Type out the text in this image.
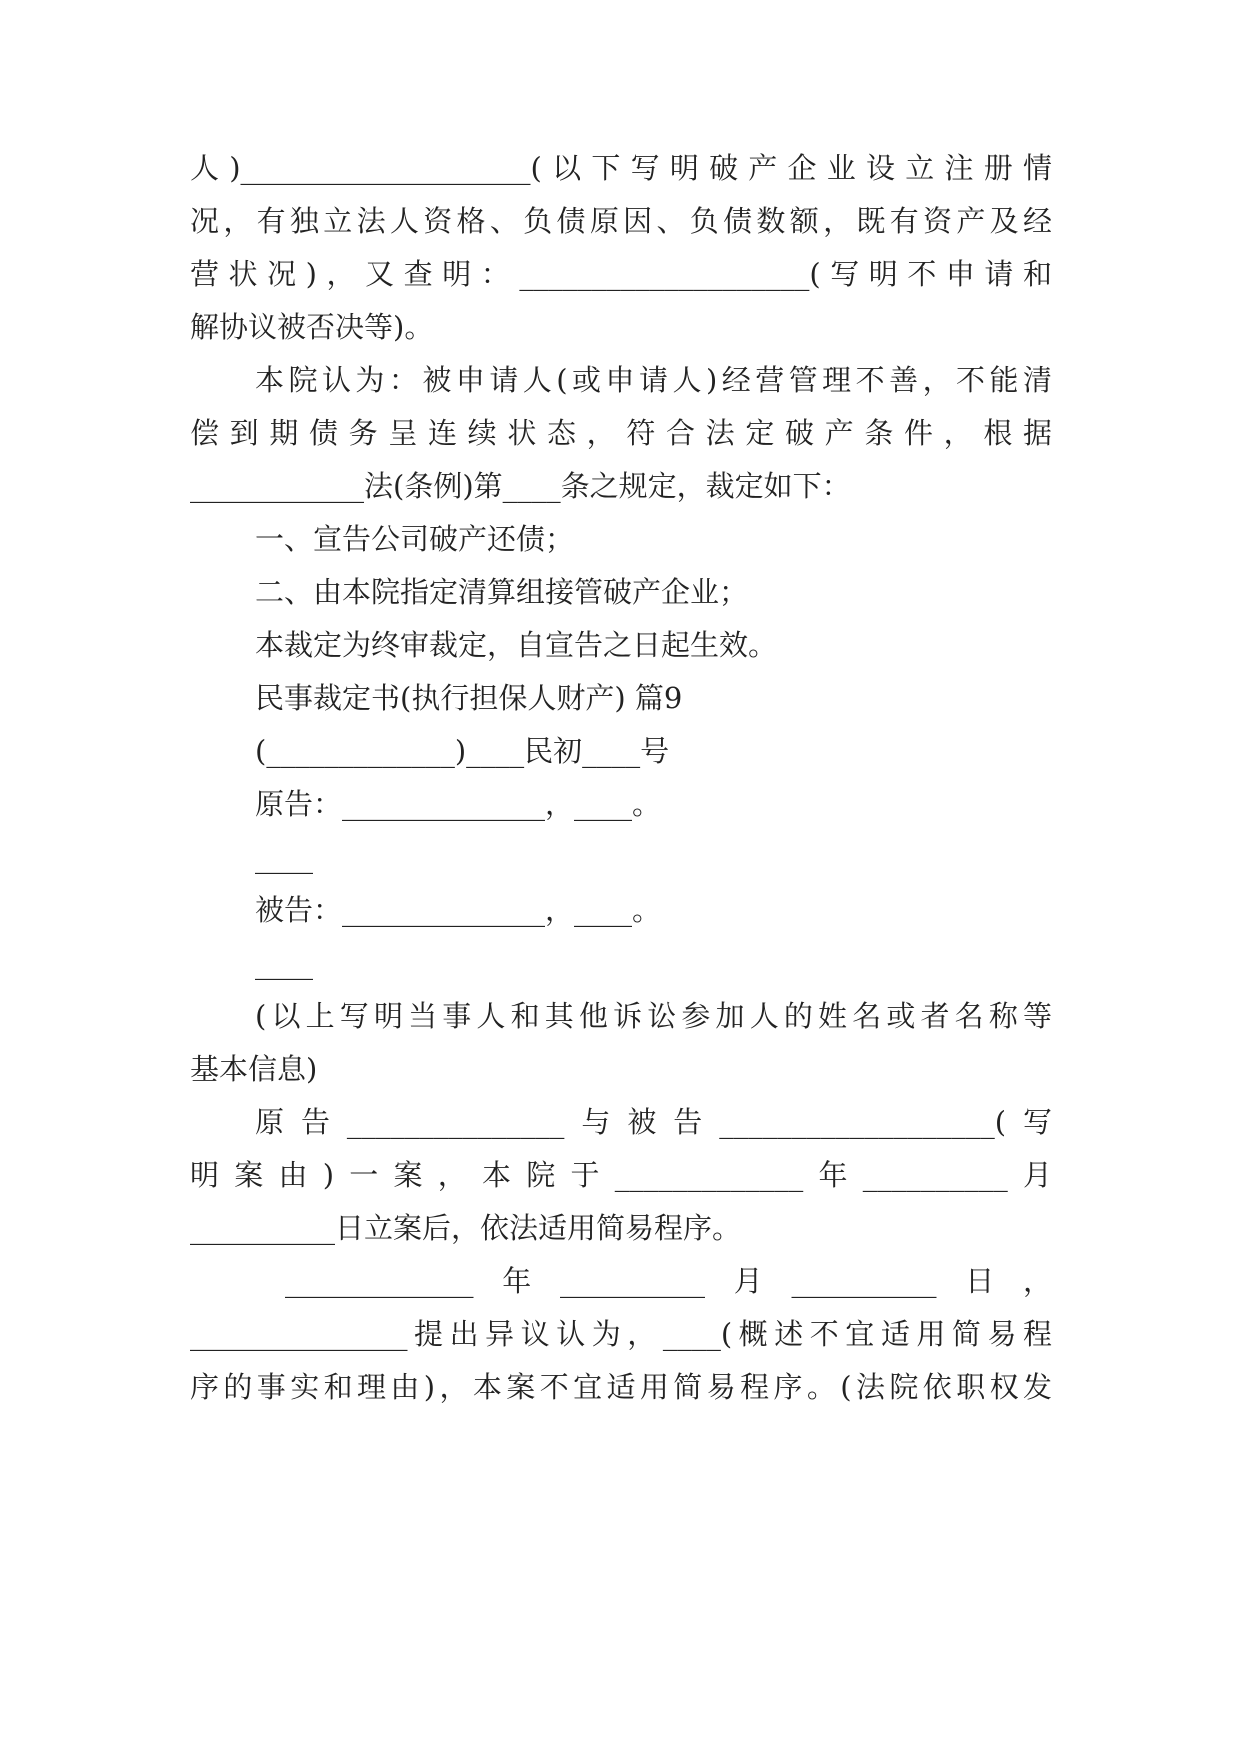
人)____________________(以下写明破产企业设立注册情
况，有独立法人资格、负债原因、负债数额，既有资产及经
营状况)，又查明：____________________(写明不申请和
解协议被否决等)。
本院认为：被申请人(或申请人)经营管理不善，不能清
偿到期债务呈连续状态，符合法定破产条件，根据
____________法(条例)第____条之规定，裁定如下：
一、宣告公司破产还债；
二、由本院指定清算组接管破产企业；
本裁定为终审裁定，自宣告之日起生效。
民事裁定书(执行担保人财产) 篇9
(_____________)____民初____号
原告：______________，____。
____
被告：______________，____。
____
(以上写明当事人和其他诉讼参加人的姓名或者名称等
基本信息)
原告_______________与被告___________________(写
明案由)一案，本院于_____________年__________月
__________日立案后，依法适用简易程序。
_____________年__________月__________日，
_______________提出异议认为，____(概述不宜适用简易程
序的事实和理由)，本案不宜适用简易程序。(法院依职权发
